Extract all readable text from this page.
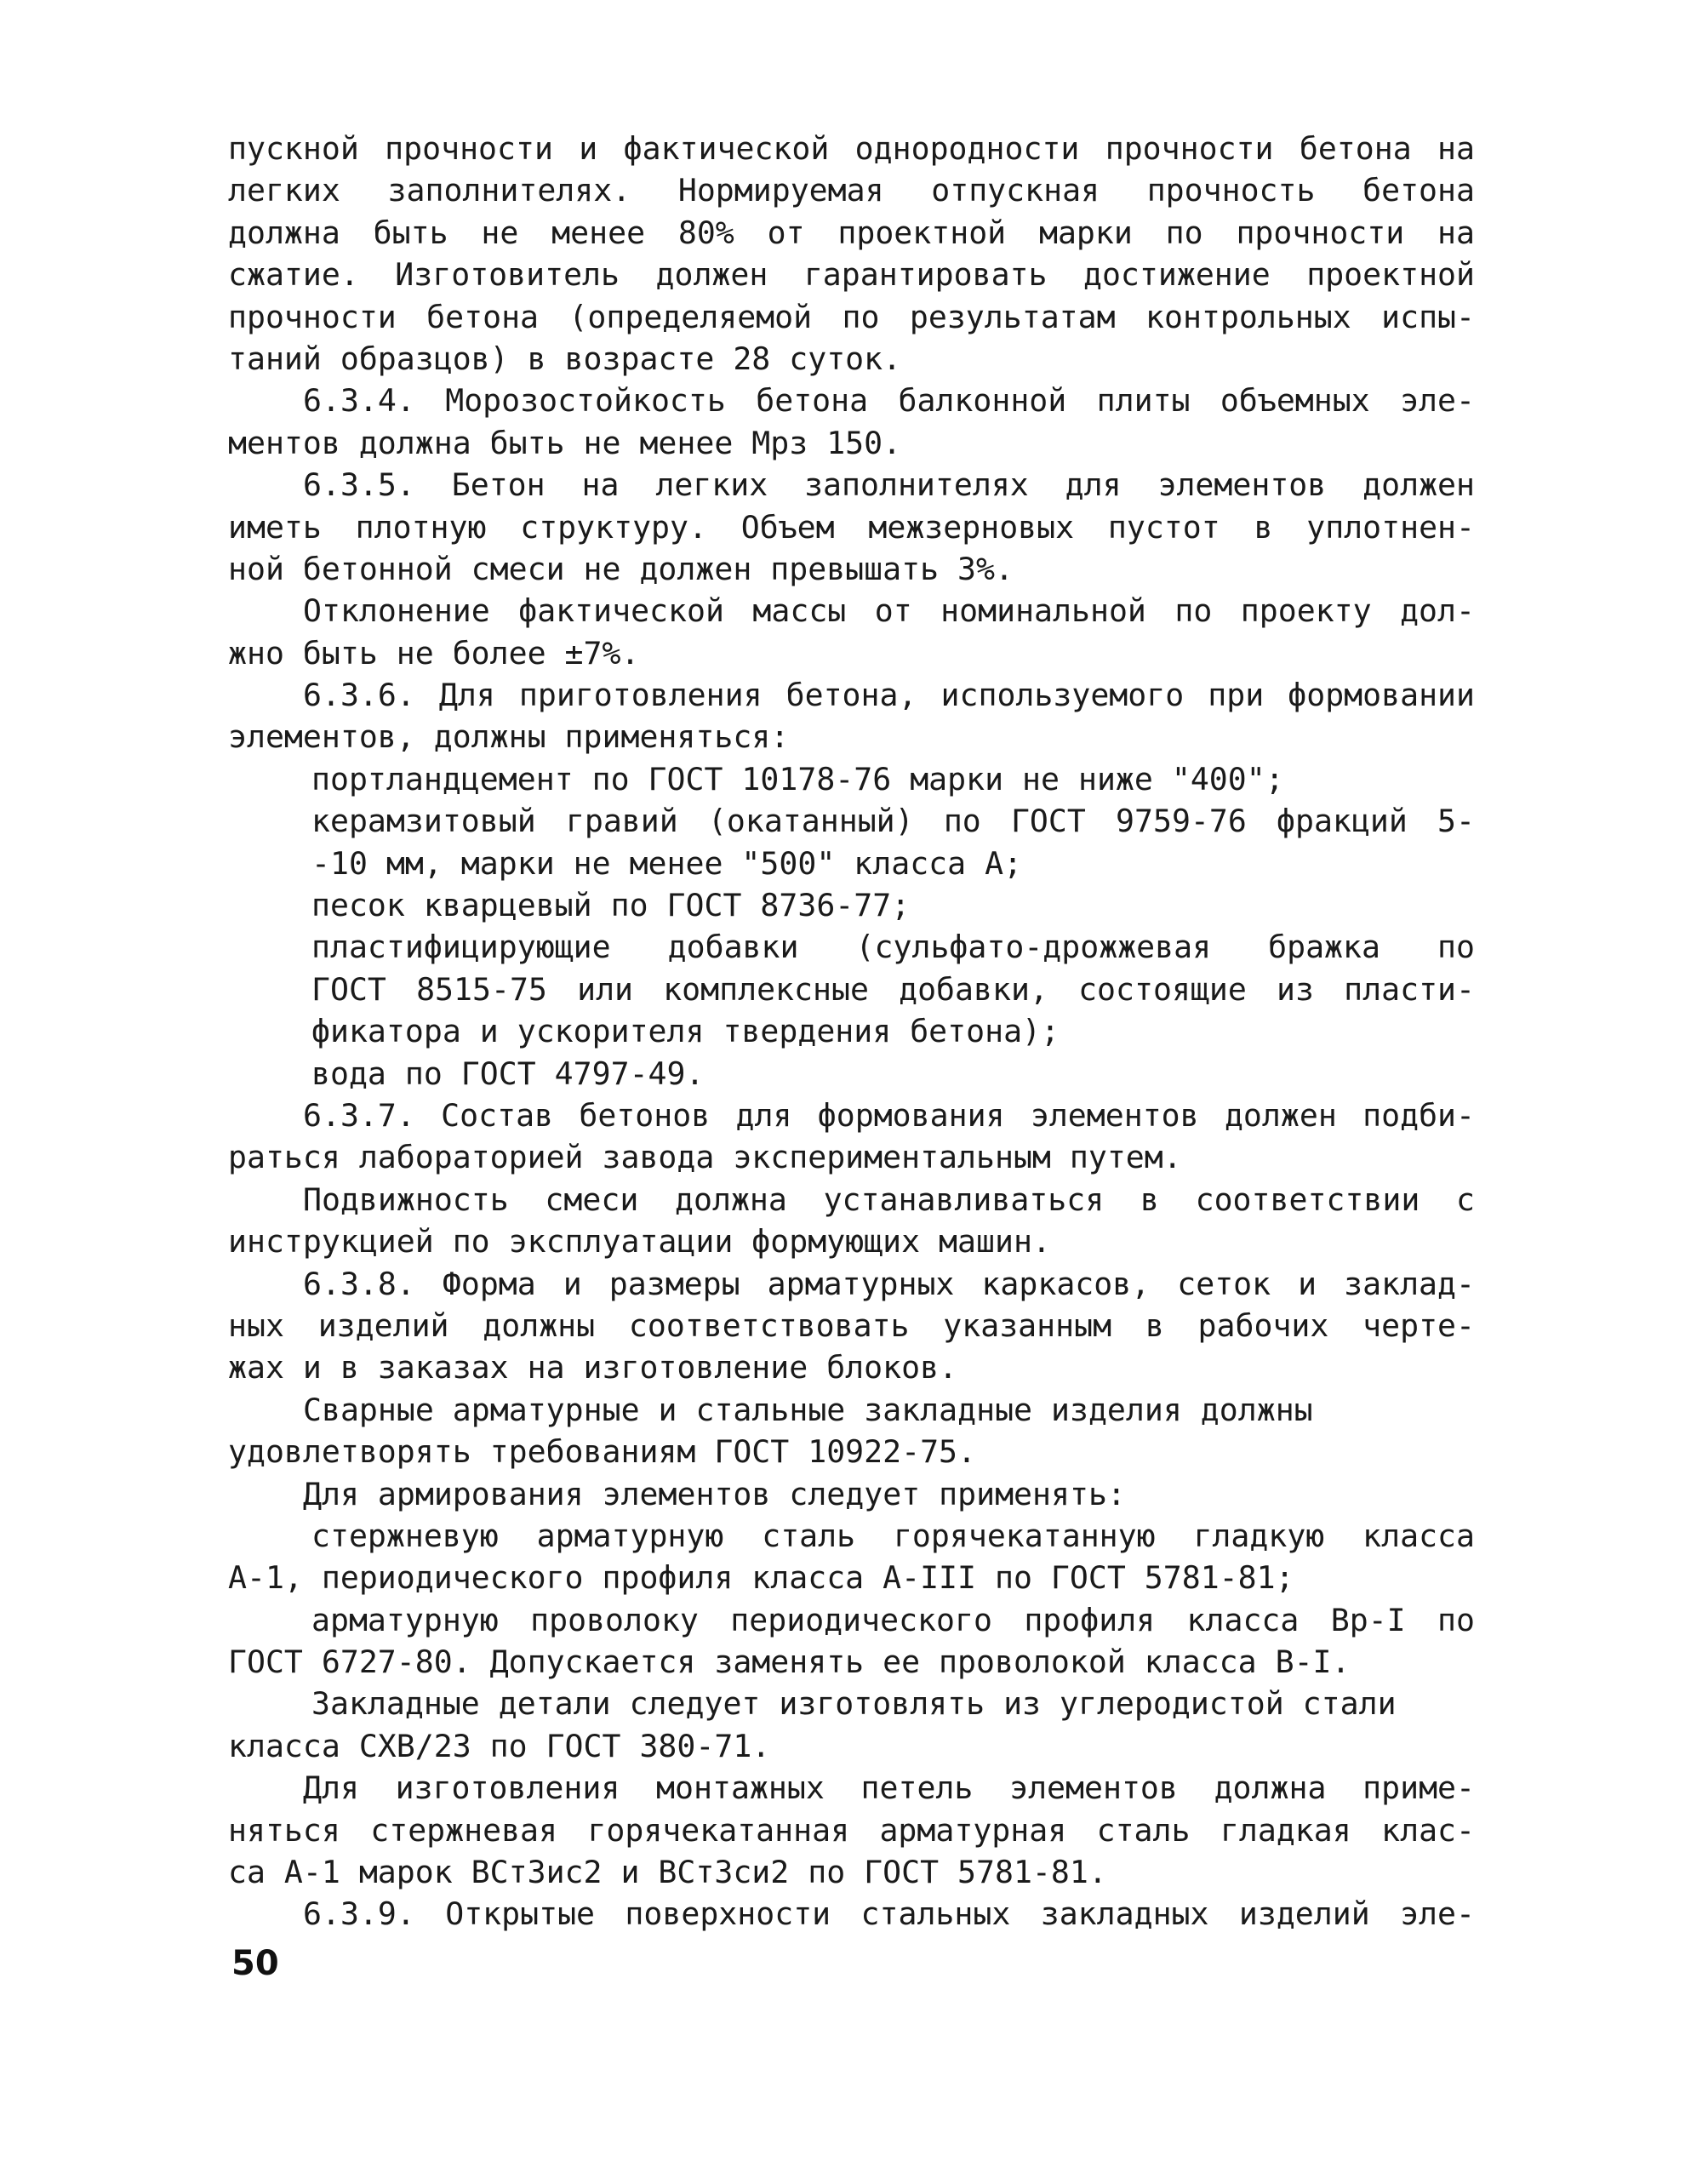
пускной прочности и фактической однородности прочности бетона на
легких заполнителях. Нормируемая отпускная прочность бетона
должна быть не менее 80% от проектной марки по прочности на
сжатие. Изготовитель должен гарантировать достижение проектной
прочности бетона (определяемой по результатам контрольных испы-
таний образцов) в возрасте 28 суток.
6.3.4. Морозостойкость бетона балконной плиты объемных эле-
ментов должна быть не менее Мрз 150.
6.3.5. Бетон на легких заполнителях для элементов должен
иметь плотную структуру. Объем межзерновых пустот в уплотнен-
ной бетонной смеси не должен превышать 3%.
Отклонение фактической массы от номинальной по проекту дол-
жно быть не более ±7%.
6.3.6. Для приготовления бетона, используемого при формовании
элементов, должны применяться:
портландцемент по ГОСТ 10178-76 марки не ниже "400";
керамзитовый гравий (окатанный) по ГОСТ 9759-76 фракций 5-
-10 мм, марки не менее "500" класса А;
песок кварцевый по ГОСТ 8736-77;
пластифицирующие добавки (сульфато-дрожжевая бражка по
ГОСТ 8515-75 или комплексные добавки, состоящие из пласти-
фикатора и ускорителя твердения бетона);
вода по ГОСТ 4797-49.
6.3.7. Состав бетонов для формования элементов должен подби-
раться лабораторией завода экспериментальным путем.
Подвижность смеси должна устанавливаться в соответствии с
инструкцией по эксплуатации формующих машин.
6.3.8. Форма и размеры арматурных каркасов, сеток и заклад-
ных изделий должны соответствовать указанным в рабочих черте-
жах и в заказах на изготовление блоков.
Сварные арматурные и стальные закладные изделия должны
удовлетворять требованиям ГОСТ 10922-75.
Для армирования элементов следует применять:
стержневую арматурную сталь горячекатанную гладкую класса
А-1, периодического профиля класса А-III по ГОСТ 5781-81;
арматурную проволоку периодического профиля класса Вр-I по
ГОСТ 6727-80. Допускается заменять ее проволокой класса В-I.
Закладные детали следует изготовлять из углеродистой стали
класса СХВ/23 по ГОСТ 380-71.
Для изготовления монтажных петель элементов должна приме-
няться стержневая горячекатанная арматурная сталь гладкая клас-
са А-1 марок ВСт3ис2 и ВСт3си2 по ГОСТ 5781-81.
6.3.9. Открытые поверхности стальных закладных изделий эле-
50
